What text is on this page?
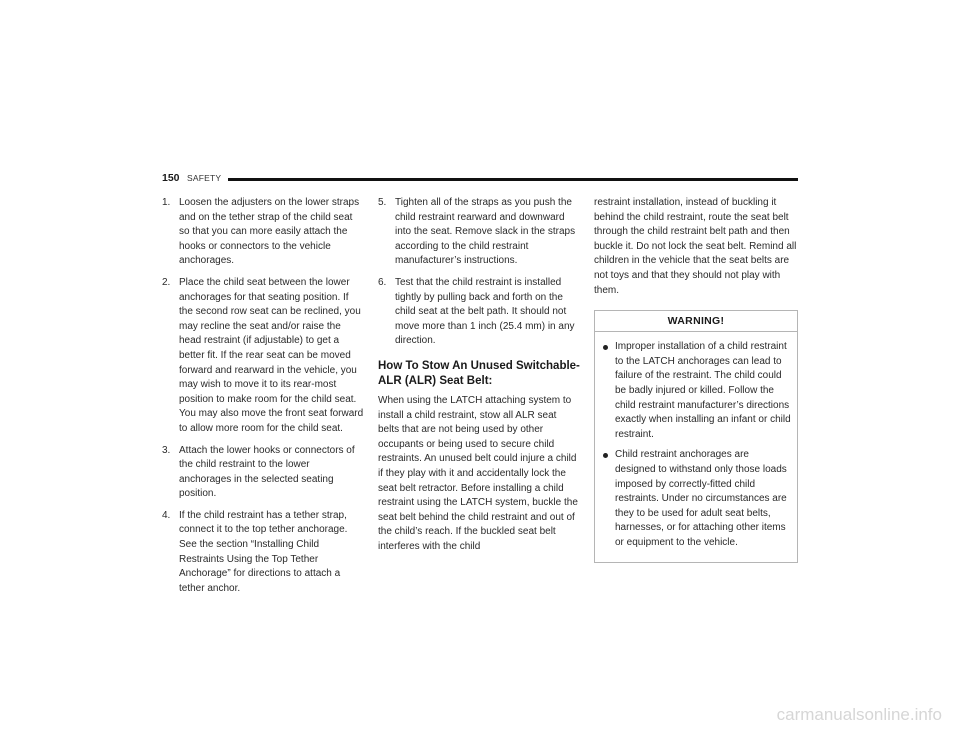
150 SAFETY
1. Loosen the adjusters on the lower straps and on the tether strap of the child seat so that you can more easily attach the hooks or connectors to the vehicle anchorages.
2. Place the child seat between the lower anchorages for that seating position. If the second row seat can be reclined, you may recline the seat and/or raise the head restraint (if adjustable) to get a better fit. If the rear seat can be moved forward and rearward in the vehicle, you may wish to move it to its rear-most position to make room for the child seat. You may also move the front seat forward to allow more room for the child seat.
3. Attach the lower hooks or connectors of the child restraint to the lower anchorages in the selected seating position.
4. If the child restraint has a tether strap, connect it to the top tether anchorage. See the section “Installing Child Restraints Using the Top Tether Anchorage” for directions to attach a tether anchor.
5. Tighten all of the straps as you push the child restraint rearward and downward into the seat. Remove slack in the straps according to the child restraint manufacturer’s instructions.
6. Test that the child restraint is installed tightly by pulling back and forth on the child seat at the belt path. It should not move more than 1 inch (25.4 mm) in any direction.
How To Stow An Unused Switchable-ALR (ALR) Seat Belt:

When using the LATCH attaching system to install a child restraint, stow all ALR seat belts that are not being used by other occupants or being used to secure child restraints. An unused belt could injure a child if they play with it and accidentally lock the seat belt retractor. Before installing a child restraint using the LATCH system, buckle the seat belt behind the child restraint and out of the child’s reach. If the buckled seat belt interferes with the child

restraint installation, instead of buckling it behind the child restraint, route the seat belt through the child restraint belt path and then buckle it. Do not lock the seat belt. Remind all children in the vehicle that the seat belts are not toys and that they should not play with them.

WARNING!
Improper installation of a child restraint to the LATCH anchorages can lead to failure of the restraint. The child could be badly injured or killed. Follow the child restraint manufacturer’s directions exactly when installing an infant or child restraint.
Child restraint anchorages are designed to withstand only those loads imposed by correctly-fitted child restraints. Under no circumstances are they to be used for adult seat belts, harnesses, or for attaching other items or equipment to the vehicle.
carmanualsonline.info
